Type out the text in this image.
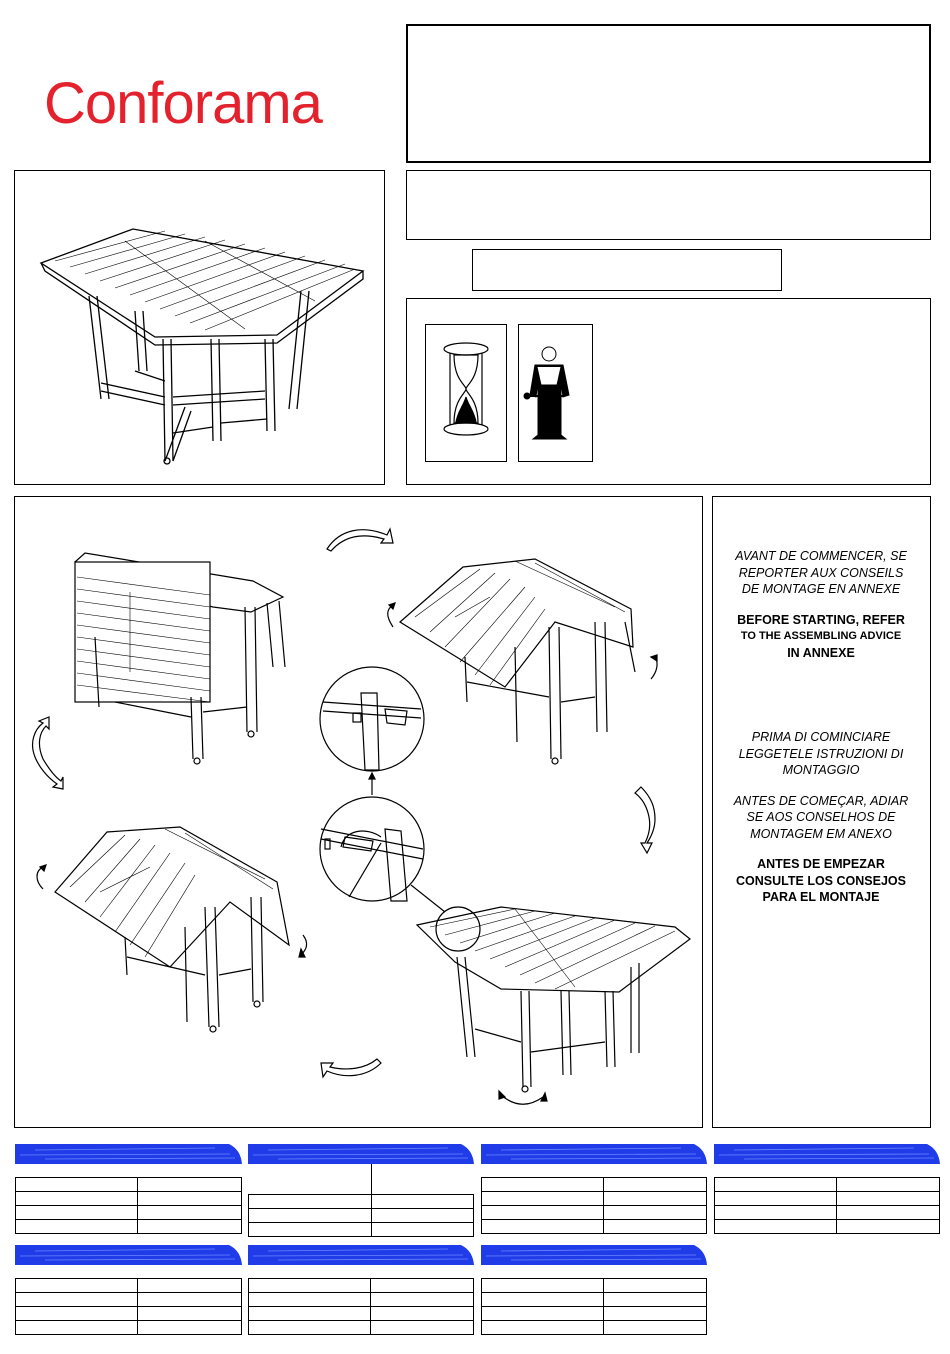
Conforama
AVANT DE COMMENCER, SE
REPORTER AUX CONSEILS
DE MONTAGE EN ANNEXE
BEFORE STARTING, REFER
TO THE ASSEMBLING ADVICE
IN ANNEXE
PRIMA DI COMINCIARE
LEGGETELE ISTRUZIONI DI
MONTAGGIO
ANTES DE COMEÇAR, ADIAR
SE AOS CONSELHOS DE
MONTAGEM EM ANEXO
ANTES DE EMPEZAR
CONSULTE LOS CONSEJOS
PARA EL MONTAJE
